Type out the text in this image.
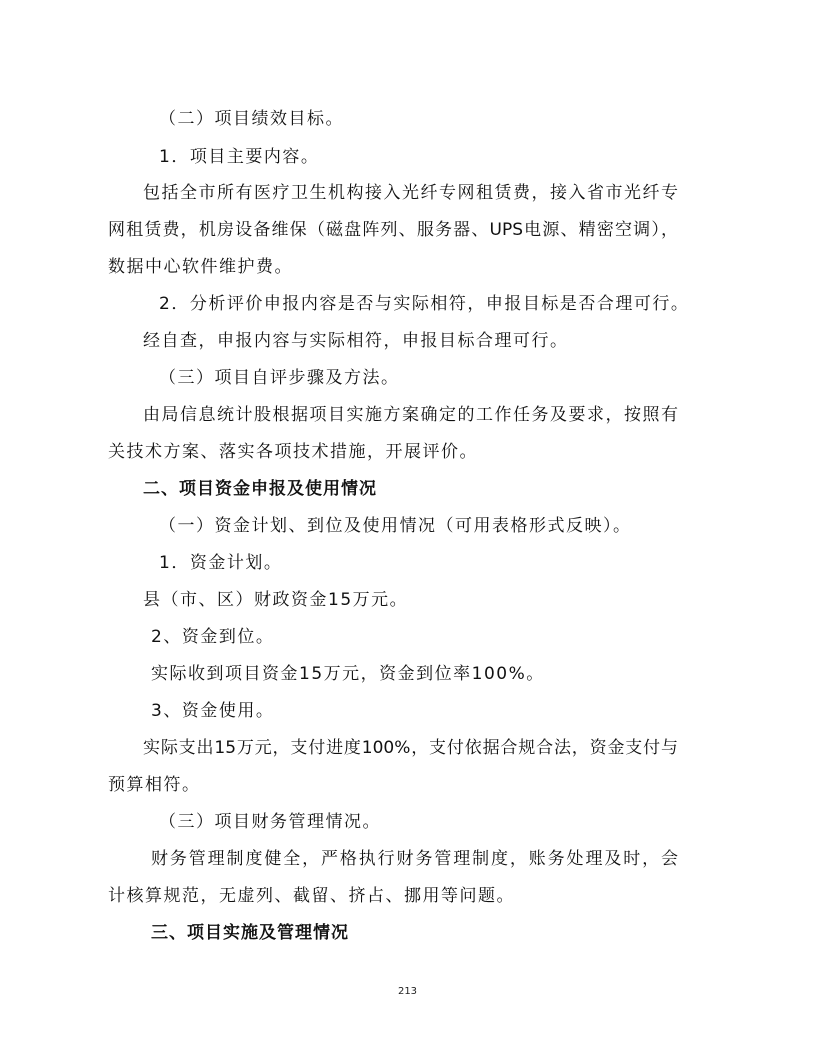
（二）项目绩效目标。
1．项目主要内容。
包括全市所有医疗卫生机构接入光纤专网租赁费，接入省市光纤专
网租赁费，机房设备维保（磁盘阵列、服务器、UPS电源、精密空调），
数据中心软件维护费。
2．分析评价申报内容是否与实际相符，申报目标是否合理可行。
经自查，申报内容与实际相符，申报目标合理可行。
（三）项目自评步骤及方法。
由局信息统计股根据项目实施方案确定的工作任务及要求，按照有
关技术方案、落实各项技术措施，开展评价。
二、项目资金申报及使用情况
（一）资金计划、到位及使用情况（可用表格形式反映）。
1．资金计划。
县（市、区）财政资金15万元。
2、资金到位。
实际收到项目资金15万元，资金到位率100%。
3、资金使用。
实际支出15万元，支付进度100%，支付依据合规合法，资金支付与
预算相符。
（三）项目财务管理情况。
财务管理制度健全，严格执行财务管理制度，账务处理及时，会
计核算规范，无虚列、截留、挤占、挪用等问题。
三、项目实施及管理情况
213
